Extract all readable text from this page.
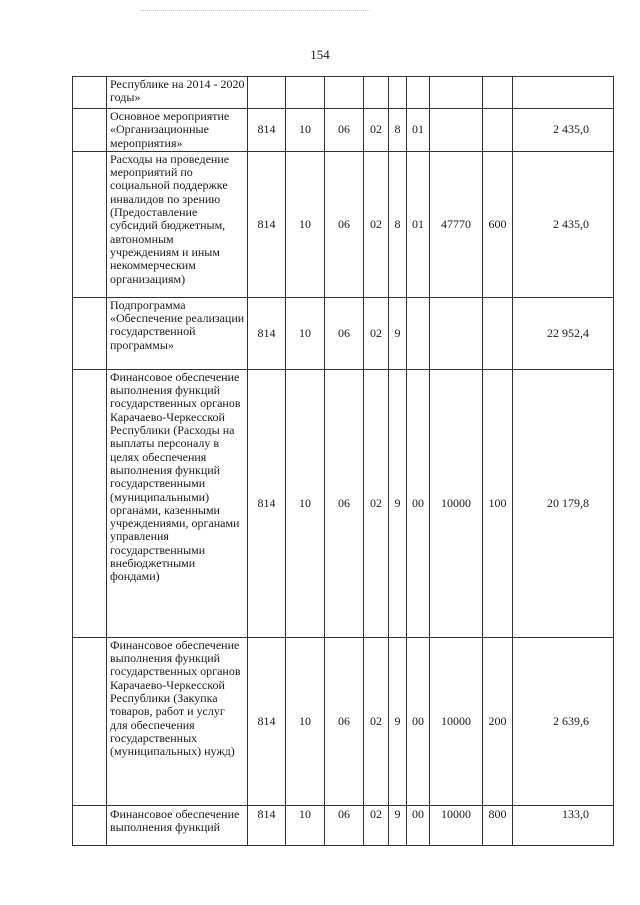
154
	Республике на 2014 - 2020 годы»									
	Основное мероприятие «Организационные мероприятия»	814	10	06	02	8	01			2 435,0
	Расходы на проведение мероприятий по социальной поддержке инвалидов по зрению (Предоставление субсидий бюджетным, автономным учреждениям и иным некоммерческим организациям)	814	10	06	02	8	01	47770	600	2 435,0
	Подпрограмма «Обеспечение реализации государственной программы»	814	10	06	02	9				22 952,4
	Финансовое обеспечение выполнения функций государственных органов Карачаево-Черкесской Республики (Расходы на выплаты персоналу в целях обеспечения выполнения функций государственными (муниципальными) органами, казенными учреждениями, органами управления государственными внебюджетными фондами)	814	10	06	02	9	00	10000	100	20 179,8
	Финансовое обеспечение выполнения функций государственных органов Карачаево-Черкесской Республики (Закупка товаров, работ и услуг для обеспечения государственных (муниципальных) нужд)	814	10	06	02	9	00	10000	200	2 639,6
	Финансовое обеспечение выполнения функций	814	10	06	02	9	00	10000	800	133,0
